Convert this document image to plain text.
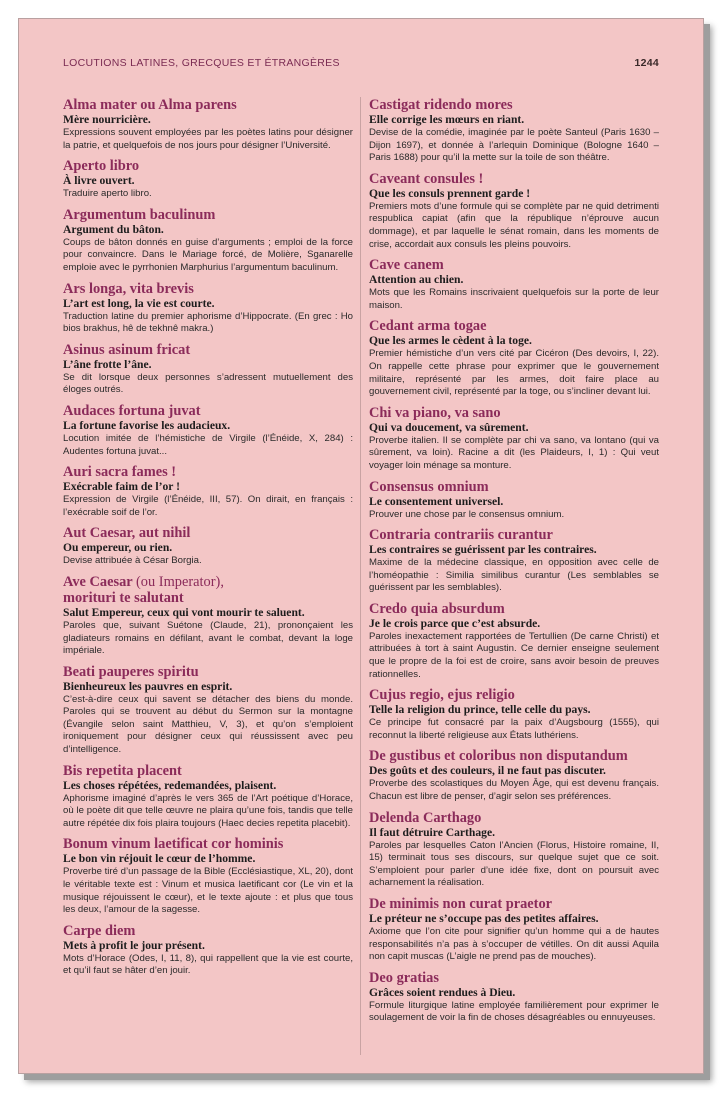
LOCUTIONS LATINES, GRECQUES ET ÉTRANGÈRES	1244
Alma mater ou Alma parens
Mère nourricière.
Expressions souvent employées par les poètes latins pour désigner la patrie, et quelquefois de nos jours pour désigner l’Université.
Aperto libro
À livre ouvert.
Traduire aperto libro.
Argumentum baculinum
Argument du bâton.
Coups de bâton donnés en guise d’arguments ; emploi de la force pour convaincre. Dans le Mariage forcé, de Molière, Sganarelle emploie avec le pyrrhonien Marphurius l’argumentum baculinum.
Ars longa, vita brevis
L’art est long, la vie est courte.
Traduction latine du premier aphorisme d’Hippocrate. (En grec : Ho bios brakhus, hê de tekhnê makra.)
Asinus asinum fricat
L’âne frotte l’âne.
Se dit lorsque deux personnes s’adressent mutuellement des éloges outrés.
Audaces fortuna juvat
La fortune favorise les audacieux.
Locution imitée de l’hémistiche de Virgile (l’Énéide, X, 284) : Audentes fortuna juvat...
Auri sacra fames !
Exécrable faim de l’or !
Expression de Virgile (l’Énéide, III, 57). On dirait, en français : l’exécrable soif de l’or.
Aut Caesar, aut nihil
Ou empereur, ou rien.
Devise attribuée à César Borgia.
Ave Caesar (ou Imperator),
morituri te salutant
Salut Empereur, ceux qui vont mourir te saluent.
Paroles que, suivant Suétone (Claude, 21), prononçaient les gladiateurs romains en défilant, avant le combat, devant la loge impériale.
Beati pauperes spiritu
Bienheureux les pauvres en esprit.
C’est-à-dire ceux qui savent se détacher des biens du monde. Paroles qui se trouvent au début du Sermon sur la montagne (Évangile selon saint Matthieu, V, 3), et qu’on s’emploient ironiquement pour désigner ceux qui réussissent avec peu d’intelligence.
Bis repetita placent
Les choses répétées, redemandées, plaisent.
Aphorisme imaginé d’après le vers 365 de l’Art poétique d’Horace, où le poète dit que telle œuvre ne plaira qu’une fois, tandis que telle autre répétée dix fois plaira toujours (Haec decies repetita placebit).
Bonum vinum laetificat cor hominis
Le bon vin réjouit le cœur de l’homme.
Proverbe tiré d’un passage de la Bible (Ecclésiastique, XL, 20), dont le véritable texte est : Vinum et musica laetificant cor (Le vin et la musique réjouissent le cœur), et le texte ajoute : et plus que tous les deux, l’amour de la sagesse.
Carpe diem
Mets à profit le jour présent.
Mots d’Horace (Odes, I, 11, 8), qui rappellent que la vie est courte, et qu’il faut se hâter d’en jouir.
Castigat ridendo mores
Elle corrige les mœurs en riant.
Devise de la comédie, imaginée par le poète Santeul (Paris 1630 – Dijon 1697), et donnée à l’arlequin Dominique (Bologne 1640 – Paris 1688) pour qu’il la mette sur la toile de son théâtre.
Caveant consules !
Que les consuls prennent garde !
Premiers mots d’une formule qui se complète par ne quid detrimenti respublica capiat (afin que la république n’éprouve aucun dommage), et par laquelle le sénat romain, dans les moments de crise, accordait aux consuls les pleins pouvoirs.
Cave canem
Attention au chien.
Mots que les Romains inscrivaient quelquefois sur la porte de leur maison.
Cedant arma togae
Que les armes le cèdent à la toge.
Premier hémistiche d’un vers cité par Cicéron (Des devoirs, I, 22). On rappelle cette phrase pour exprimer que le gouvernement militaire, représenté par les armes, doit faire place au gouvernement civil, représenté par la toge, ou s’incliner devant lui.
Chi va piano, va sano
Qui va doucement, va sûrement.
Proverbe italien. Il se complète par chi va sano, va lontano (qui va sûrement, va loin). Racine a dit (les Plaideurs, I, 1) : Qui veut voyager loin ménage sa monture.
Consensus omnium
Le consentement universel.
Prouver une chose par le consensus omnium.
Contraria contrariis curantur
Les contraires se guérissent par les contraires.
Maxime de la médecine classique, en opposition avec celle de l’homéopathie : Similia similibus curantur (Les semblables se guérissent par les semblables).
Credo quia absurdum
Je le crois parce que c’est absurde.
Paroles inexactement rapportées de Tertullien (De carne Christi) et attribuées à tort à saint Augustin. Ce dernier enseigne seulement que le propre de la foi est de croire, sans avoir besoin de preuves rationnelles.
Cujus regio, ejus religio
Telle la religion du prince, telle celle du pays.
Ce principe fut consacré par la paix d’Augsbourg (1555), qui reconnut la liberté religieuse aux États luthériens.
De gustibus et coloribus non disputandum
Des goûts et des couleurs, il ne faut pas discuter.
Proverbe des scolastiques du Moyen Âge, qui est devenu français. Chacun est libre de penser, d’agir selon ses préférences.
Delenda Carthago
Il faut détruire Carthage.
Paroles par lesquelles Caton l’Ancien (Florus, Histoire romaine, II, 15) terminait tous ses discours, sur quelque sujet que ce soit. S’emploient pour parler d’une idée fixe, dont on poursuit avec acharnement la réalisation.
De minimis non curat praetor
Le préteur ne s’occupe pas des petites affaires.
Axiome que l’on cite pour signifier qu’un homme qui a de hautes responsabilités n’a pas à s’occuper de vétilles. On dit aussi Aquila non capit muscas (L’aigle ne prend pas de mouches).
Deo gratias
Grâces soient rendues à Dieu.
Formule liturgique latine employée familièrement pour exprimer le soulagement de voir la fin de choses désagréables ou ennuyeuses.
